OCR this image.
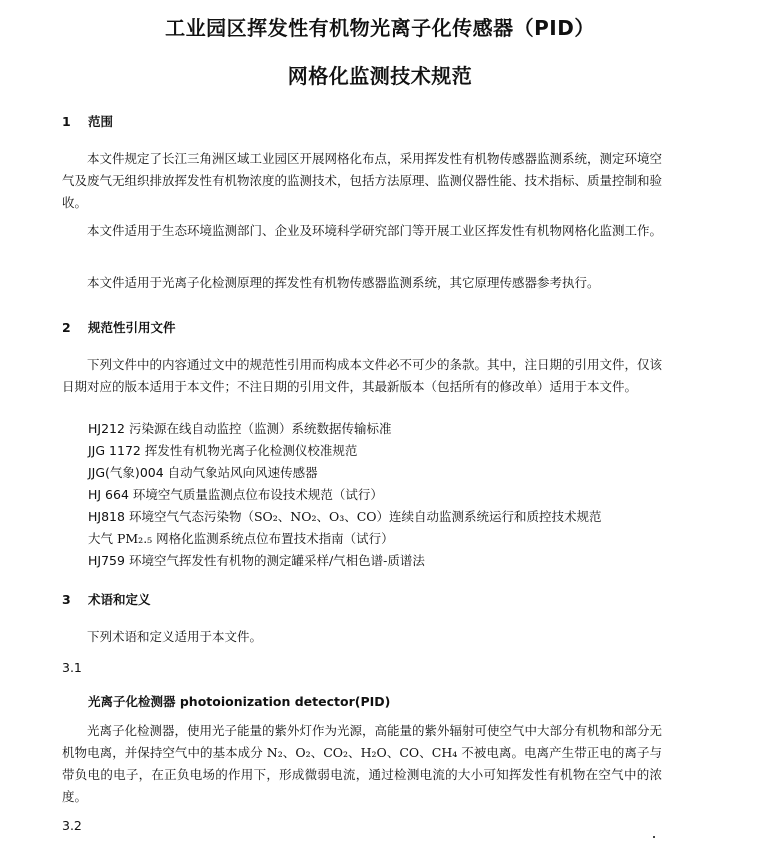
工业园区挥发性有机物光离子化传感器（PID）
网格化监测技术规范
1 范围
本文件规定了长江三角洲区域工业园区开展网格化布点，采用挥发性有机物传感器监测系统，测定环境空气及废气无组织排放挥发性有机物浓度的监测技术，包括方法原理、监测仪器性能、技术指标、质量控制和验收。
本文件适用于生态环境监测部门、企业及环境科学研究部门等开展工业区挥发性有机物网格化监测工作。
本文件适用于光离子化检测原理的挥发性有机物传感器监测系统，其它原理传感器参考执行。
2 规范性引用文件
下列文件中的内容通过文中的规范性引用而构成本文件必不可少的条款。其中，注日期的引用文件，仅该日期对应的版本适用于本文件；不注日期的引用文件，其最新版本（包括所有的修改单）适用于本文件。
HJ212 污染源在线自动监控（监测）系统数据传输标准
JJG 1172 挥发性有机物光离子化检测仪校准规范
JJG(气象)004 自动气象站风向风速传感器
HJ 664 环境空气质量监测点位布设技术规范（试行）
HJ818 环境空气气态污染物（SO₂、NO₂、O₃、CO）连续自动监测系统运行和质控技术规范
大气 PM₂.₅ 网格化监测系统点位布置技术指南（试行）
HJ759 环境空气挥发性有机物的测定罐采样/气相色谱-质谱法
3 术语和定义
下列术语和定义适用于本文件。
3.1
光离子化检测器 photoionization detector(PID)
光离子化检测器，使用光子能量的紫外灯作为光源，高能量的紫外辐射可使空气中大部分有机物和部分无机物电离，并保持空气中的基本成分 N₂、O₂、CO₂、H₂O、CO、CH₄ 不被电离。电离产生带正电的离子与带负电的电子，在正负电场的作用下，形成微弱电流，通过检测电流的大小可知挥发性有机物在空气中的浓度。
3.2
